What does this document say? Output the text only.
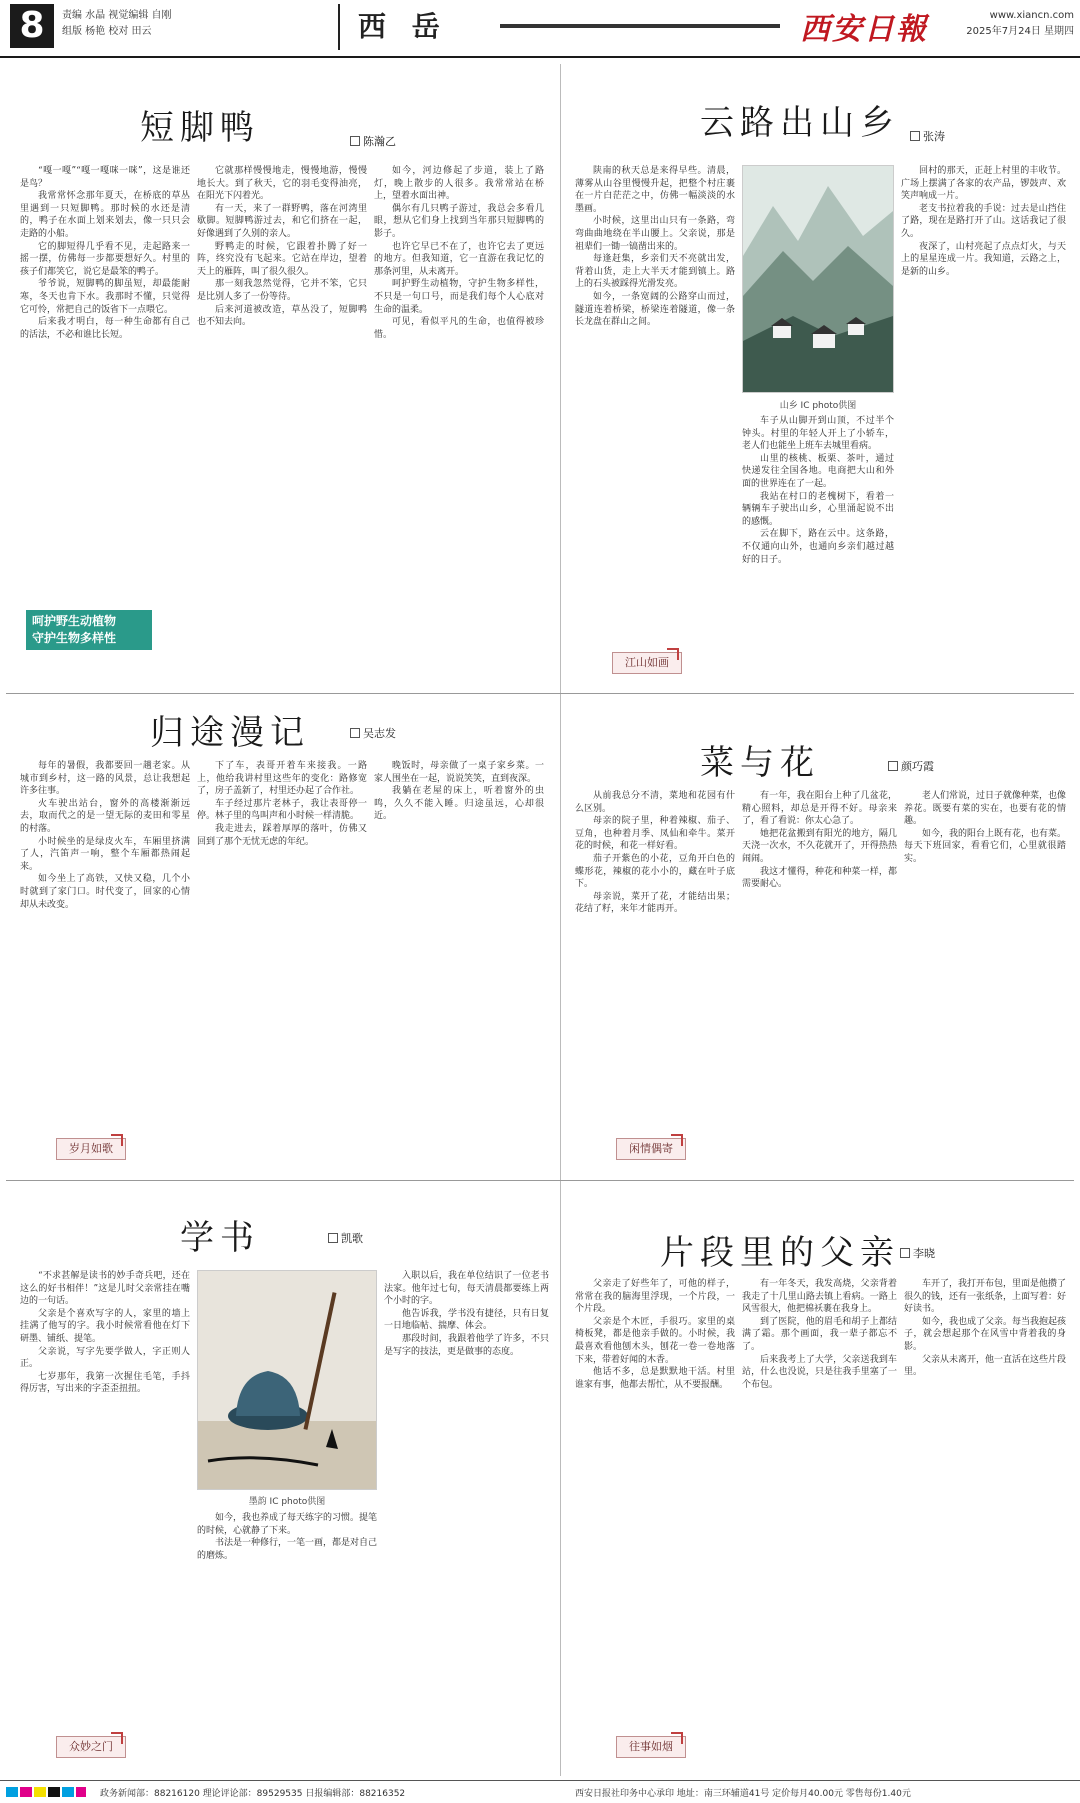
8	责编 水晶 视觉编辑 自刚
组版 杨艳 校对 田云	西 岳	西安日報	www.xiancn.com
2025年7月24日 星期四
短脚鸭	陈瀚乙

“嘎一嘎”“嘎一嘎咪一咪”，这是谁还是鸟？

我常常怀念那年夏天，在桥底的草丛里遇到一只短脚鸭。那时候的水还是清的，鸭子在水面上划来划去，像一只只会走路的小船。

它的脚短得几乎看不见，走起路来一摇一摆，仿佛每一步都要想好久。村里的孩子们都笑它，说它是最笨的鸭子。

爷爷说，短脚鸭的脚虽短，却最能耐寒，冬天也肯下水。我那时不懂，只觉得它可怜，常把自己的饭省下一点喂它。

后来我才明白，每一种生命都有自己的活法，不必和谁比长短。

它就那样慢慢地走，慢慢地游，慢慢地长大。到了秋天，它的羽毛变得油亮，在阳光下闪着光。

有一天，来了一群野鸭，落在河湾里歇脚。短脚鸭游过去，和它们挤在一起，好像遇到了久别的亲人。

野鸭走的时候，它跟着扑腾了好一阵，终究没有飞起来。它站在岸边，望着天上的雁阵，叫了很久很久。

那一刻我忽然觉得，它并不笨，它只是比别人多了一份等待。

后来河道被改造，草丛没了，短脚鸭也不知去向。

如今，河边修起了步道，装上了路灯，晚上散步的人很多。我常常站在桥上，望着水面出神。

偶尔有几只鸭子游过，我总会多看几眼，想从它们身上找到当年那只短脚鸭的影子。

也许它早已不在了，也许它去了更远的地方。但我知道，它一直游在我记忆的那条河里，从未离开。

呵护野生动植物，守护生物多样性，不只是一句口号，而是我们每个人心底对生命的温柔。

可见，看似平凡的生命，也值得被珍惜。

呵护野生动植物
守护生物多样性
云路出山乡	张涛

陕南的秋天总是来得早些。清晨，薄雾从山谷里慢慢升起，把整个村庄裹在一片白茫茫之中，仿佛一幅淡淡的水墨画。

小时候，这里出山只有一条路，弯弯曲曲地绕在半山腰上。父亲说，那是祖辈们一锄一镐凿出来的。

每逢赶集，乡亲们天不亮就出发，背着山货，走上大半天才能到镇上。路上的石头被踩得光滑发亮。

如今，一条宽阔的公路穿山而过，隧道连着桥梁，桥梁连着隧道，像一条长龙盘在群山之间。

山乡 IC photo供图

车子从山脚开到山顶，不过半个钟头。村里的年轻人开上了小轿车，老人们也能坐上班车去城里看病。

山里的核桃、板栗、茶叶，通过快递发往全国各地。电商把大山和外面的世界连在了一起。

我站在村口的老槐树下，看着一辆辆车子驶出山乡，心里涌起说不出的感慨。

云在脚下，路在云中。这条路，不仅通向山外，也通向乡亲们越过越好的日子。

回村的那天，正赶上村里的丰收节。广场上摆满了各家的农产品，锣鼓声、欢笑声响成一片。

老支书拉着我的手说：过去是山挡住了路，现在是路打开了山。这话我记了很久。

夜深了，山村亮起了点点灯火，与天上的星星连成一片。我知道，云路之上，是新的山乡。

江山如画
归途漫记	吴志发

每年的暑假，我都要回一趟老家。从城市到乡村，这一路的风景，总让我想起许多往事。

火车驶出站台，窗外的高楼渐渐远去，取而代之的是一望无际的麦田和零星的村落。

小时候坐的是绿皮火车，车厢里挤满了人，汽笛声一响，整个车厢都热闹起来。

如今坐上了高铁，又快又稳，几个小时就到了家门口。时代变了，回家的心情却从未改变。

下了车，表哥开着车来接我。一路上，他给我讲村里这些年的变化：路修宽了，房子盖新了，村里还办起了合作社。

车子经过那片老林子，我让表哥停一停。林子里的鸟叫声和小时候一样清脆。

我走进去，踩着厚厚的落叶，仿佛又回到了那个无忧无虑的年纪。

晚饭时，母亲做了一桌子家乡菜。一家人围坐在一起，说说笑笑，直到夜深。

我躺在老屋的床上，听着窗外的虫鸣，久久不能入睡。归途虽远，心却很近。

岁月如歌
菜与花	颜巧霞

从前我总分不清，菜地和花园有什么区别。

母亲的院子里，种着辣椒、茄子、豆角，也种着月季、凤仙和牵牛。菜开花的时候，和花一样好看。

茄子开紫色的小花，豆角开白色的蝶形花，辣椒的花小小的，藏在叶子底下。

母亲说，菜开了花，才能结出果；花结了籽，来年才能再开。

有一年，我在阳台上种了几盆花，精心照料，却总是开得不好。母亲来了，看了看说：你太心急了。

她把花盆搬到有阳光的地方，隔几天浇一次水，不久花就开了，开得热热闹闹。

我这才懂得，种花和种菜一样，都需要耐心。

老人们常说，过日子就像种菜，也像养花。既要有菜的实在，也要有花的情趣。

如今，我的阳台上既有花，也有菜。每天下班回家，看看它们，心里就很踏实。

闲情偶寄
学书	凯歌

“不求甚解是读书的妙手奇兵吧，还在这么的好书相伴！”这是儿时父亲常挂在嘴边的一句话。

父亲是个喜欢写字的人，家里的墙上挂满了他写的字。我小时候常看他在灯下研墨、铺纸、提笔。

父亲说，写字先要学做人，字正则人正。

七岁那年，我第一次握住毛笔，手抖得厉害，写出来的字歪歪扭扭。

墨韵 IC photo供图

如今，我也养成了每天练字的习惯。提笔的时候，心就静了下来。

书法是一种修行，一笔一画，都是对自己的磨炼。

入职以后，我在单位结识了一位老书法家。他年过七旬，每天清晨都要练上两个小时的字。

他告诉我，学书没有捷径，只有日复一日地临帖、揣摩、体会。

那段时间，我跟着他学了许多，不只是写字的技法，更是做事的态度。

众妙之门
片段里的父亲	李晓

父亲走了好些年了，可他的样子，常常在我的脑海里浮现，一个片段，一个片段。

父亲是个木匠，手很巧。家里的桌椅板凳，都是他亲手做的。小时候，我最喜欢看他刨木头，刨花一卷一卷地落下来，带着好闻的木香。

他话不多，总是默默地干活。村里谁家有事，他都去帮忙，从不要报酬。

有一年冬天，我发高烧，父亲背着我走了十几里山路去镇上看病。一路上风雪很大，他把棉袄裹在我身上。

到了医院，他的眉毛和胡子上都结满了霜。那个画面，我一辈子都忘不了。

后来我考上了大学，父亲送我到车站，什么也没说，只是往我手里塞了一个布包。

车开了，我打开布包，里面是他攒了很久的钱，还有一张纸条，上面写着：好好读书。

如今，我也成了父亲。每当我抱起孩子，就会想起那个在风雪中背着我的身影。

父亲从未离开，他一直活在这些片段里。

往事如烟
政务新闻部：88216120 理论评论部：89529535 日报编辑部：88216352	西安日报社印务中心承印 地址：南三环辅道41号 定价每月40.00元 零售每份1.40元
